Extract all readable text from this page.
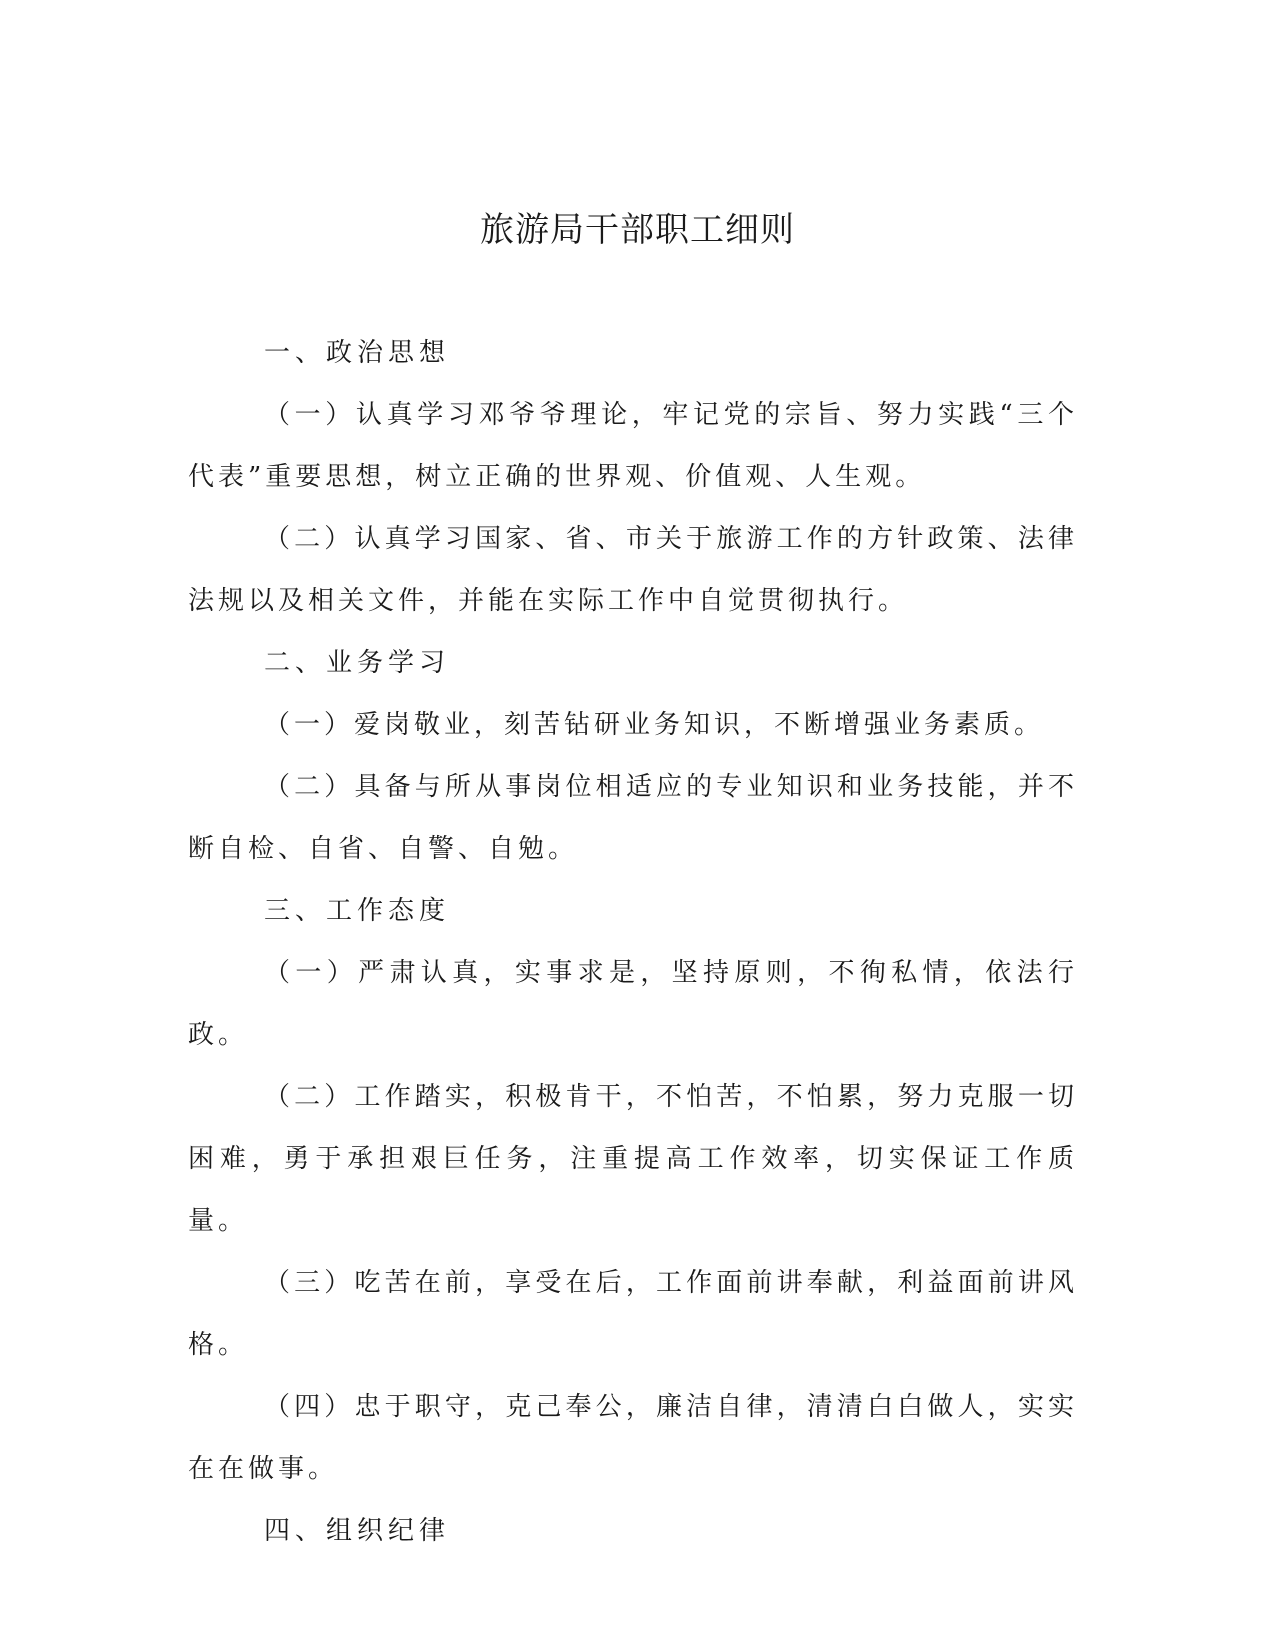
旅游局干部职工细则

一、政治思想

（一）认真学习邓爷爷理论，牢记党的宗旨、努力实践“三个代表”重要思想，树立正确的世界观、价值观、人生观。

（二）认真学习国家、省、市关于旅游工作的方针政策、法律法规以及相关文件，并能在实际工作中自觉贯彻执行。

二、业务学习

（一）爱岗敬业，刻苦钻研业务知识，不断增强业务素质。

（二）具备与所从事岗位相适应的专业知识和业务技能，并不断自检、自省、自警、自勉。

三、工作态度

（一）严肃认真，实事求是，坚持原则，不徇私情，依法行政。

（二）工作踏实，积极肯干，不怕苦，不怕累，努力克服一切困难，勇于承担艰巨任务，注重提高工作效率，切实保证工作质量。

（三）吃苦在前，享受在后，工作面前讲奉献，利益面前讲风格。

（四）忠于职守，克己奉公，廉洁自律，清清白白做人，实实在在做事。

四、组织纪律
